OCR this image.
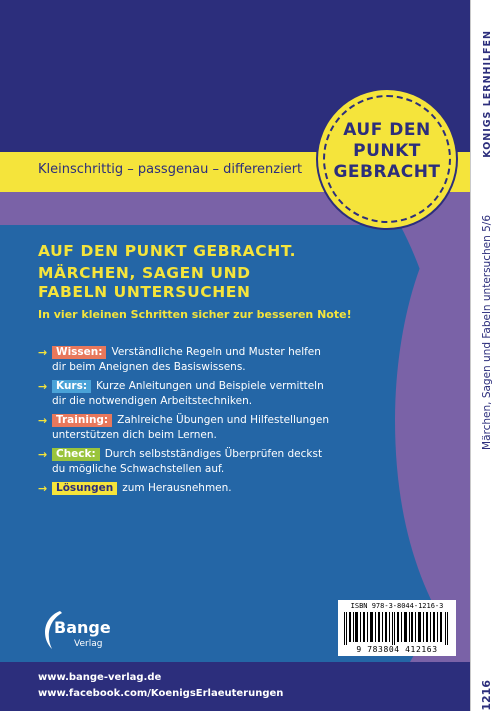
Kleinschrittig – passgenau – differenziert
AUF DEN
PUNKT
GEBRACHT
KÖNIGS LERNHILFEN
Märchen, Sagen und Fabeln untersuchen 5/6
1216
AUF DEN PUNKT GEBRACHT.
MÄRCHEN, SAGEN UND
FABELN UNTERSUCHEN
In vier kleinen Schritten sicher zur besseren Note!
→ Wissen: Verständliche Regeln und Muster helfen dir beim Aneignen des Basiswissens.
→ Kurs: Kurze Anleitungen und Beispiele vermitteln dir die notwendigen Arbeitstechniken.
→ Training: Zahlreiche Übungen und Hilfestellungen unterstützen dich beim Lernen.
→ Check: Durch selbstständiges Überprüfen deckst du mögliche Schwachstellen auf.
→ Lösungen zum Herausnehmen.
Bange
Verlag
ISBN 978-3-8044-1216-3
9 783804 412163
www.bange-verlag.de
www.facebook.com/KoenigsErlaeuterungen
